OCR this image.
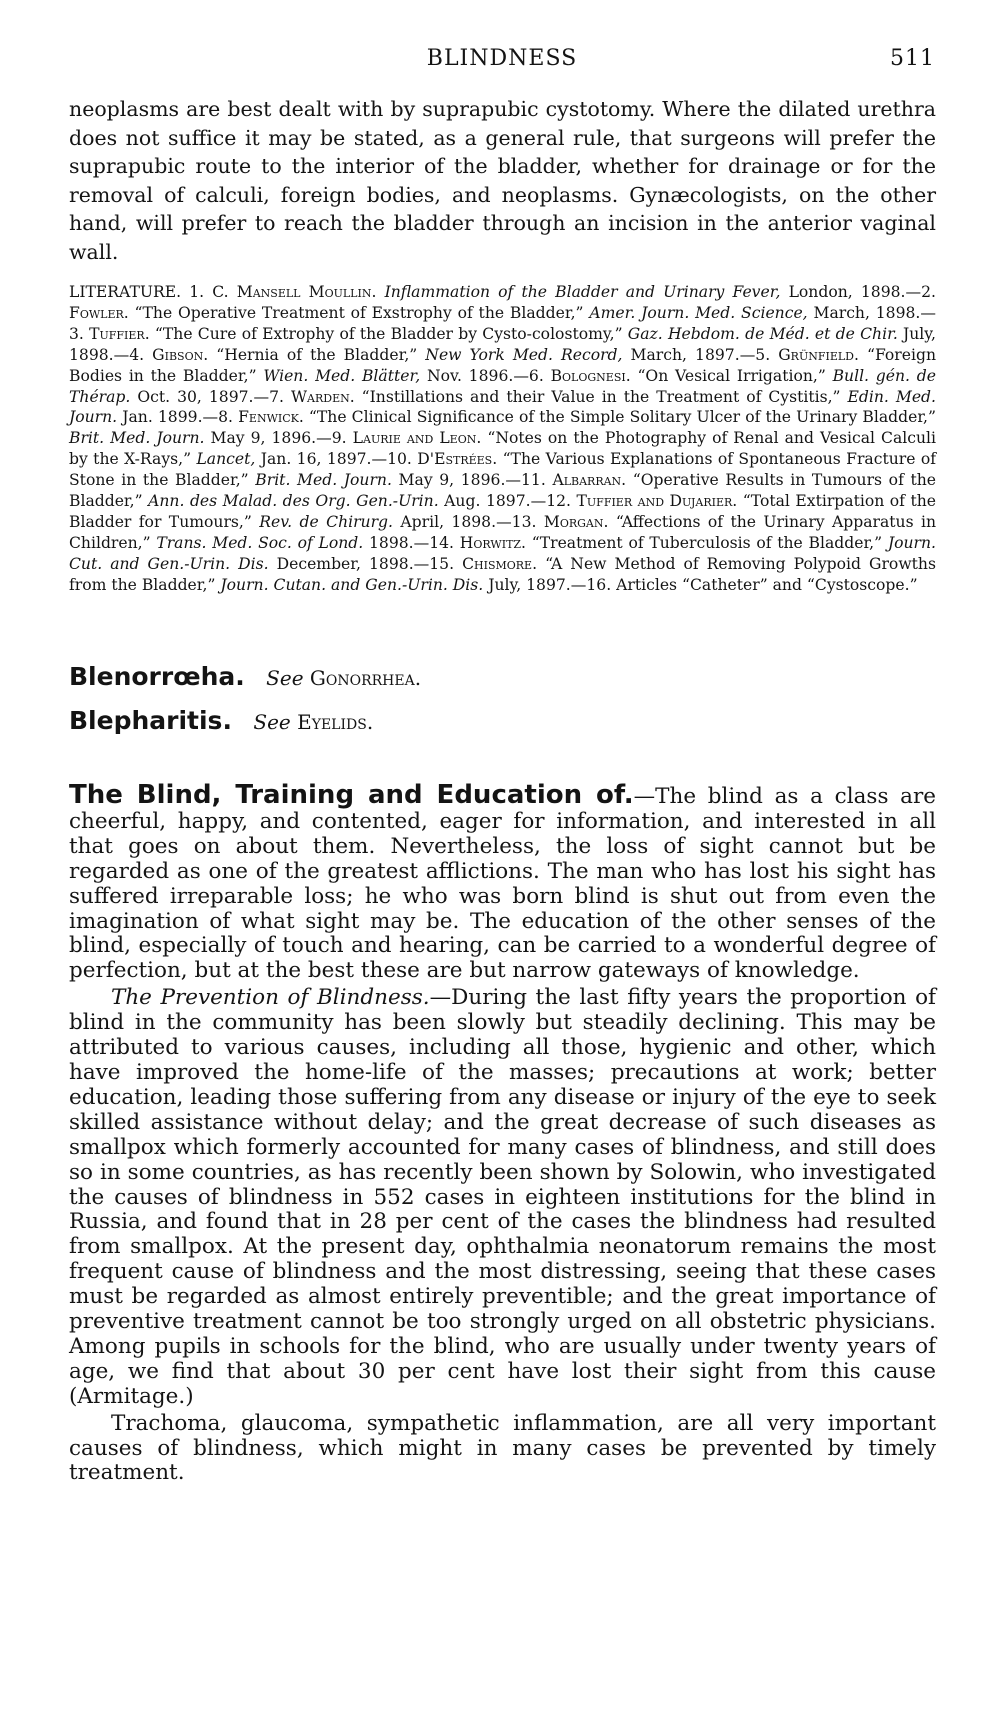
BLINDNESS	511

neoplasms are best dealt with by suprapubic cystotomy. Where the dilated urethra does not suffice it may be stated, as a general rule, that surgeons will prefer the suprapubic route to the interior of the bladder, whether for drainage or for the removal of calculi, foreign bodies, and neoplasms. Gynæcologists, on the other hand, will prefer to reach the bladder through an incision in the anterior vaginal wall.

LITERATURE. 1. C. Mansell Moullin. Inflammation of the Bladder and Urinary Fever, London, 1898.—2. Fowler. “The Operative Treatment of Exstrophy of the Bladder,” Amer. Journ. Med. Science, March, 1898.—3. Tuffier. “The Cure of Extrophy of the Bladder by Cysto-colostomy,” Gaz. Hebdom. de Méd. et de Chir. July, 1898.—4. Gibson. “Hernia of the Bladder,” New York Med. Record, March, 1897.—5. Grünfield. “Foreign Bodies in the Bladder,” Wien. Med. Blätter, Nov. 1896.—6. Bolognesi. “On Vesical Irrigation,” Bull. gén. de Thérap. Oct. 30, 1897.—7. Warden. “Instillations and their Value in the Treatment of Cystitis,” Edin. Med. Journ. Jan. 1899.—8. Fenwick. “The Clinical Significance of the Simple Solitary Ulcer of the Urinary Bladder,” Brit. Med. Journ. May 9, 1896.—9. Laurie and Leon. “Notes on the Photography of Renal and Vesical Calculi by the X-Rays,” Lancet, Jan. 16, 1897.—10. D'Estrées. “The Various Explanations of Spontaneous Fracture of Stone in the Bladder,” Brit. Med. Journ. May 9, 1896.—11. Albarran. “Operative Results in Tumours of the Bladder,” Ann. des Malad. des Org. Gen.-Urin. Aug. 1897.—12. Tuffier and Dujarier. “Total Extirpation of the Bladder for Tumours,” Rev. de Chirurg. April, 1898.—13. Morgan. “Affections of the Urinary Apparatus in Children,” Trans. Med. Soc. of Lond. 1898.—14. Horwitz. “Treatment of Tuberculosis of the Bladder,” Journ. Cut. and Gen.-Urin. Dis. December, 1898.—15. Chismore. “A New Method of Removing Polypoid Growths from the Bladder,” Journ. Cutan. and Gen.-Urin. Dis. July, 1897.—16. Articles “Catheter” and “Cystoscope.”

Blenorrœha. See Gonorrhea.

Blepharitis. See Eyelids.

The Blind, Training and Education of.—The blind as a class are cheerful, happy, and contented, eager for information, and interested in all that goes on about them. Nevertheless, the loss of sight cannot but be regarded as one of the greatest afflictions. The man who has lost his sight has suffered irreparable loss; he who was born blind is shut out from even the imagination of what sight may be. The education of the other senses of the blind, especially of touch and hearing, can be carried to a wonderful degree of perfection, but at the best these are but narrow gateways of knowledge.

The Prevention of Blindness.—During the last fifty years the proportion of blind in the community has been slowly but steadily declining. This may be attributed to various causes, including all those, hygienic and other, which have improved the home-life of the masses; precautions at work; better education, leading those suffering from any disease or injury of the eye to seek skilled assistance without delay; and the great decrease of such diseases as smallpox which formerly accounted for many cases of blindness, and still does so in some countries, as has recently been shown by Solowin, who investigated the causes of blindness in 552 cases in eighteen institutions for the blind in Russia, and found that in 28 per cent of the cases the blindness had resulted from smallpox. At the present day, ophthalmia neonatorum remains the most frequent cause of blindness and the most distressing, seeing that these cases must be regarded as almost entirely preventible; and the great importance of preventive treatment cannot be too strongly urged on all obstetric physicians. Among pupils in schools for the blind, who are usually under twenty years of age, we find that about 30 per cent have lost their sight from this cause (Armitage.)

Trachoma, glaucoma, sympathetic inflammation, are all very important causes of blindness, which might in many cases be prevented by timely treatment.
